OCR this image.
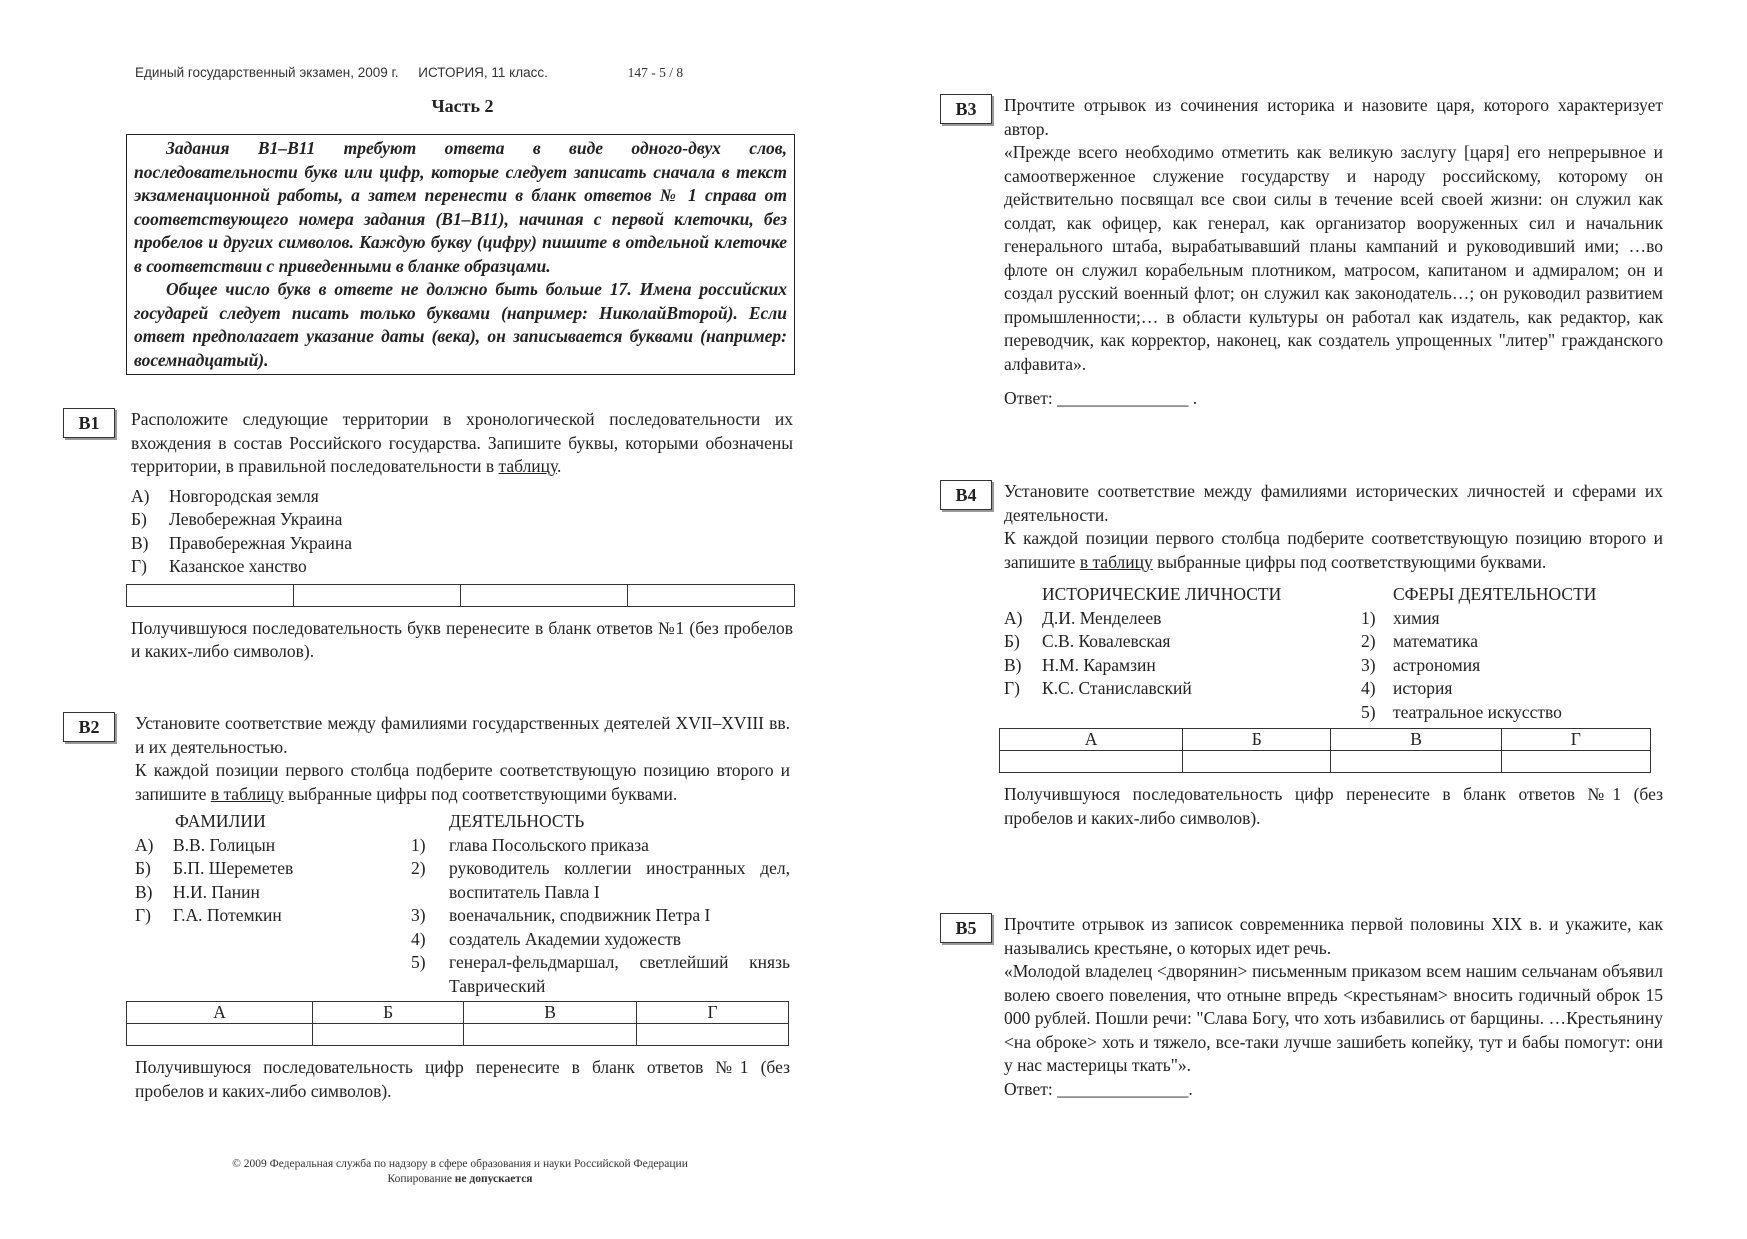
Единый государственный экзамен, 2009 г. ИСТОРИЯ, 11 класс.	147 - 5 / 8
Часть 2

Задания В1–В11 требуют ответа в виде одного-двух слов, последовательности букв или цифр, которые следует записать сначала в текст экзаменационной работы, а затем перенести в бланк ответов № 1 справа от соответствующего номера задания (В1–В11), начиная с первой клеточки, без пробелов и других символов. Каждую букву (цифру) пишите в отдельной клеточке в соответствии с приведенными в бланке образцами.

Общее число букв в ответе не должно быть больше 17. Имена российских государей следует писать только буквами (например: НиколайВторой). Если ответ предполагает указание даты (века), он записывается буквами (например: восемнадцатый).

В1	Расположите следующие территории в хронологической последовательности их вхождения в состав Российского государства. Запишите буквы, которыми обозначены территории, в правильной последовательности в таблицу.

А)	Новгородская земля
Б)	Левобережная Украина
В)	Правобережная Украина
Г)	Казанское ханство

Получившуюся последовательность букв перенесите в бланк ответов №1 (без пробелов и каких-либо символов).

В2	Установите соответствие между фамилиями государственных деятелей XVII–XVIII вв. и их деятельностью.

К каждой позиции первого столбца подберите соответствующую позицию второго и запишите в таблицу выбранные цифры под соответствующими буквами.

ФАМИЛИИ
А)	В.В. Голицын
Б)	Б.П. Шереметев
В)	Н.И. Панин
Г)	Г.А. Потемкин
ДЕЯТЕЛЬНОСТЬ
1)	глава Посольского приказа
2)	руководитель коллегии иностранных дел, воспитатель Павла I
3)	военачальник, сподвижник Петра I
4)	создатель Академии художеств
5)	генерал-фельдмаршал, светлейший князь Таврический
А	Б	В	Г

Получившуюся последовательность цифр перенесите в бланк ответов №1 (без пробелов и каких-либо символов).

В3	Прочтите отрывок из сочинения историка и назовите царя, которого характеризует автор.

«Прежде всего необходимо отметить как великую заслугу [царя] его непрерывное и самоотверженное служение государству и народу российскому, которому он действительно посвящал все свои силы в течение всей своей жизни: он служил как солдат, как офицер, как генерал, как организатор вооруженных сил и начальник генерального штаба, вырабатывавший планы кампаний и руководивший ими; …во флоте он служил корабельным плотником, матросом, капитаном и адмиралом; он и создал русский военный флот; он служил как законодатель…; он руководил развитием промышленности;… в области культуры он работал как издатель, как редактор, как переводчик, как корректор, наконец, как создатель упрощенных "литер" гражданского алфавита».

Ответ: _______________ .

В4	Установите соответствие между фамилиями исторических личностей и сферами их деятельности.

К каждой позиции первого столбца подберите соответствующую позицию второго и запишите в таблицу выбранные цифры под соответствующими буквами.

ИСТОРИЧЕСКИЕ ЛИЧНОСТИ
А)	Д.И. Менделеев
Б)	С.В. Ковалевская
В)	Н.М. Карамзин
Г)	К.С. Станиславский
СФЕРЫ ДЕЯТЕЛЬНОСТИ
1) химия
2) математика
3) астрономия
4) история
5) театральное искусство
А	Б	В	Г

Получившуюся последовательность цифр перенесите в бланк ответов №1 (без пробелов и каких-либо символов).

В5	Прочтите отрывок из записок современника первой половины XIX в. и укажите, как назывались крестьяне, о которых идет речь.

«Молодой владелец <дворянин> письменным приказом всем нашим сельчанам объявил волею своего повеления, что отныне впредь <крестьянам> вносить годичный оброк 15 000 рублей. Пошли речи: "Слава Богу, что хоть избавились от барщины. …Крестьянину <на оброке> хоть и тяжело, все-таки лучше зашибеть копейку, тут и бабы помогут: они у нас мастерицы ткать"».

Ответ: _______________.

© 2009 Федеральная служба по надзору в сфере образования и науки Российской Федерации
Копирование не допускается
